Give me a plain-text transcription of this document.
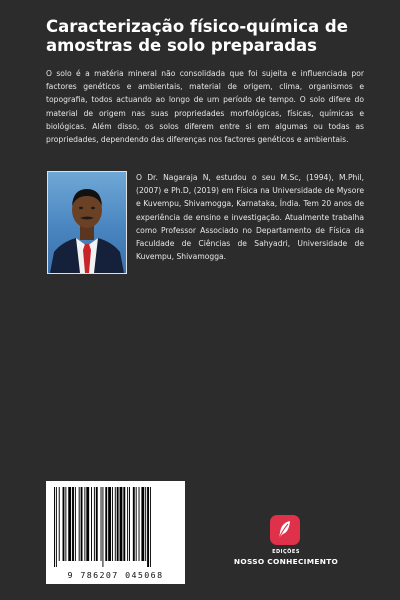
Caracterização físico-química de amostras de solo preparadas

O solo é a matéria mineral não consolidada que foi sujeita e influenciada por factores genéticos e ambientais, material de origem, clima, organismos e topografia, todos actuando ao longo de um período de tempo. O solo difere do material de origem nas suas propriedades morfológicas, físicas, químicas e biológicas. Além disso, os solos diferem entre si em algumas ou todas as propriedades, dependendo das diferenças nos factores genéticos e ambientais.

O Dr. Nagaraja N, estudou o seu M.Sc, (1994), M.Phil, (2007) e Ph.D, (2019) em Física na Universidade de Mysore e Kuvempu, Shivamogga, Karnataka, Índia. Tem 20 anos de experiência de ensino e investigação. Atualmente trabalha como Professor Associado no Departamento de Física da Faculdade de Ciências de Sahyadri, Universidade de Kuvempu, Shivamogga.

9 786207 045068
EDIÇÕES
NOSSO CONHECIMENTO
